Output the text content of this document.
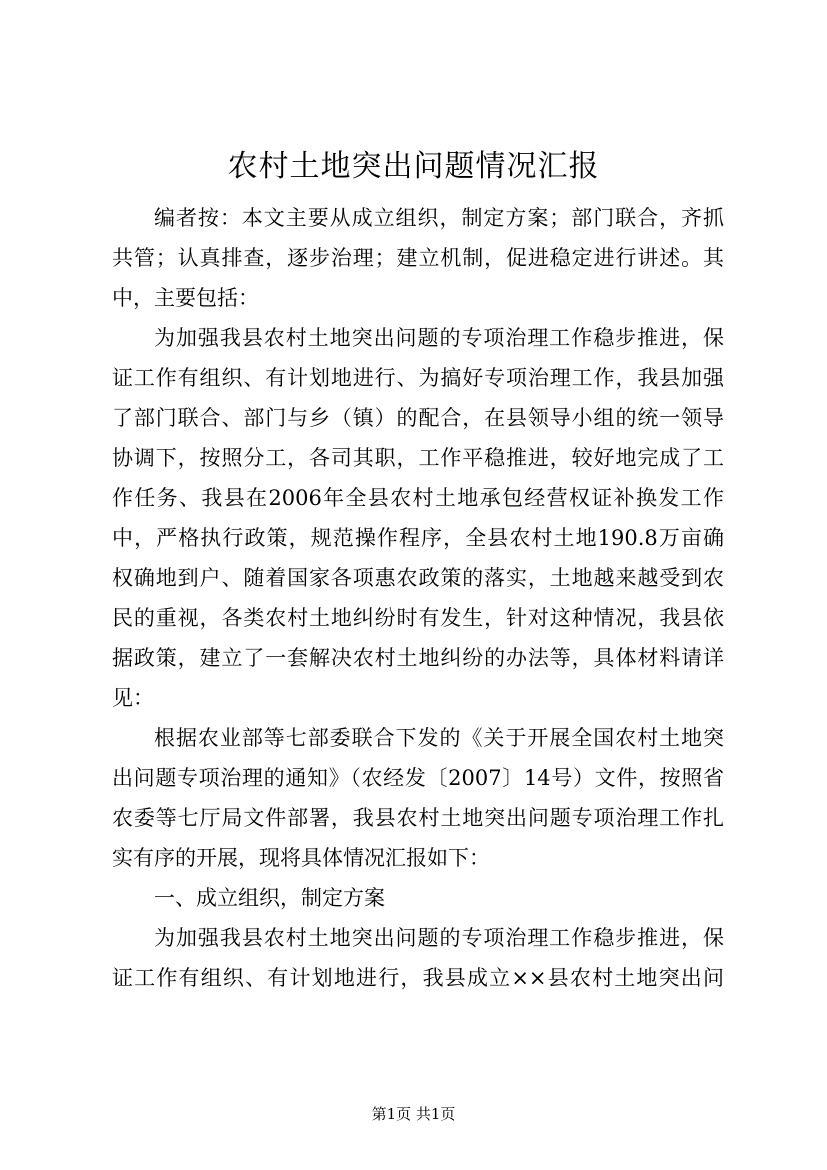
农村土地突出问题情况汇报
编者按：本文主要从成立组织，制定方案；部门联合，齐抓
共管；认真排查，逐步治理；建立机制，促进稳定进行讲述。其
中，主要包括：
为加强我县农村土地突出问题的专项治理工作稳步推进，保
证工作有组织、有计划地进行、为搞好专项治理工作，我县加强
了部门联合、部门与乡（镇）的配合，在县领导小组的统一领导
协调下，按照分工，各司其职，工作平稳推进，较好地完成了工
作任务、我县在2006年全县农村土地承包经营权证补换发工作
中，严格执行政策，规范操作程序，全县农村土地190.8万亩确
权确地到户、随着国家各项惠农政策的落实，土地越来越受到农
民的重视，各类农村土地纠纷时有发生，针对这种情况，我县依
据政策，建立了一套解决农村土地纠纷的办法等，具体材料请详
见：
根据农业部等七部委联合下发的《关于开展全国农村土地突
出问题专项治理的通知》（农经发〔2007〕14号）文件，按照省
农委等七厅局文件部署，我县农村土地突出问题专项治理工作扎
实有序的开展，现将具体情况汇报如下：
一、成立组织，制定方案
为加强我县农村土地突出问题的专项治理工作稳步推进，保
证工作有组织、有计划地进行，我县成立××县农村土地突出问
第1页 共1页
